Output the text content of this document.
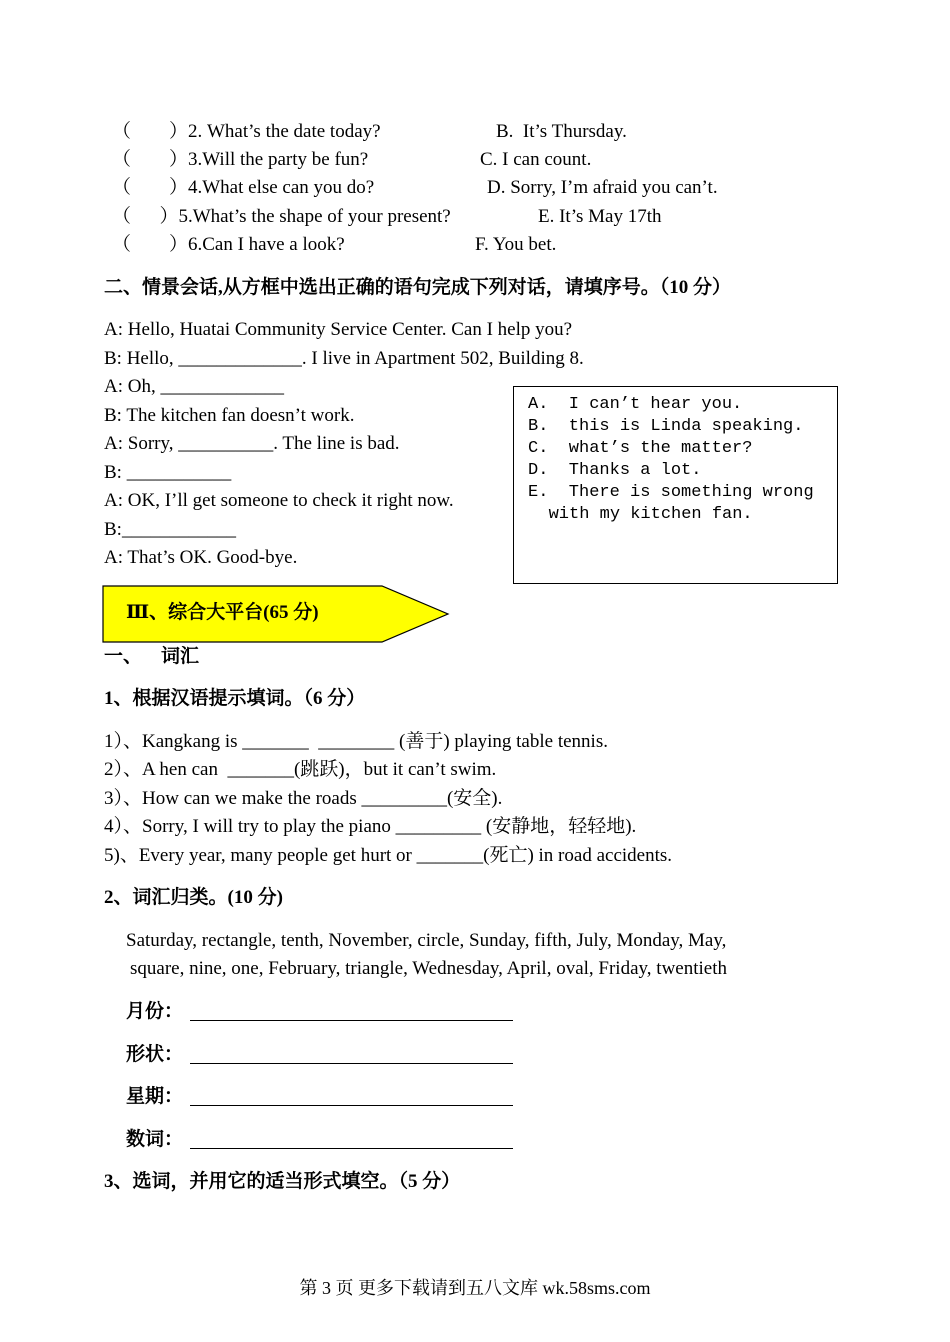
（        ）2. What’s the date today?	B.  It’s Thursday.
（        ）3.Will the party be fun?	C. I can count.
（        ）4.What else can you do?	D. Sorry, I’m afraid you can’t.
（      ）5.What’s the shape of your present?	E. It’s May 17th
（        ）6.Can I have a look?	F. You bet.
二、情景会话,从方框中选出正确的语句完成下列对话，请填序号。（10 分）
A: Hello, Huatai Community Service Center. Can I help you?
B: Hello, _____________. I live in Apartment 502, Building 8.
A: Oh, _____________
B: The kitchen fan doesn’t work.
A: Sorry, __________. The line is bad.
B: ___________
A: OK, I’ll get someone to check it right now.
B:____________
A: That’s OK. Good-bye.
A.  I can’t hear you.
B.  this is Linda speaking.
C.  what’s the matter?
D.  Thanks a lot.
E.  There is something wrong
with my kitchen fan.
Ⅲ、综合大平台(65 分)
一、    词汇
1、根据汉语提示填词。（6 分）
1）、Kangkang is _______  ________ (善于) playing table tennis.
2）、A hen can  _______(跳跃)，but it can’t swim.
3）、How can we make the roads _________(安全).
4）、Sorry, I will try to play the piano _________ (安静地，轻轻地).
5)、Every year, many people get hurt or _______(死亡) in road accidents.
2、词汇归类。(10 分)
Saturday, rectangle, tenth, November, circle, Sunday, fifth, July, Monday, May,
square, nine, one, February, triangle, Wednesday, April, oval, Friday, twentieth
月份：
形状：
星期：
数词：
3、选词，并用它的适当形式填空。（5 分）
第 3 页 更多下载请到五八文库 wk.58sms.com
